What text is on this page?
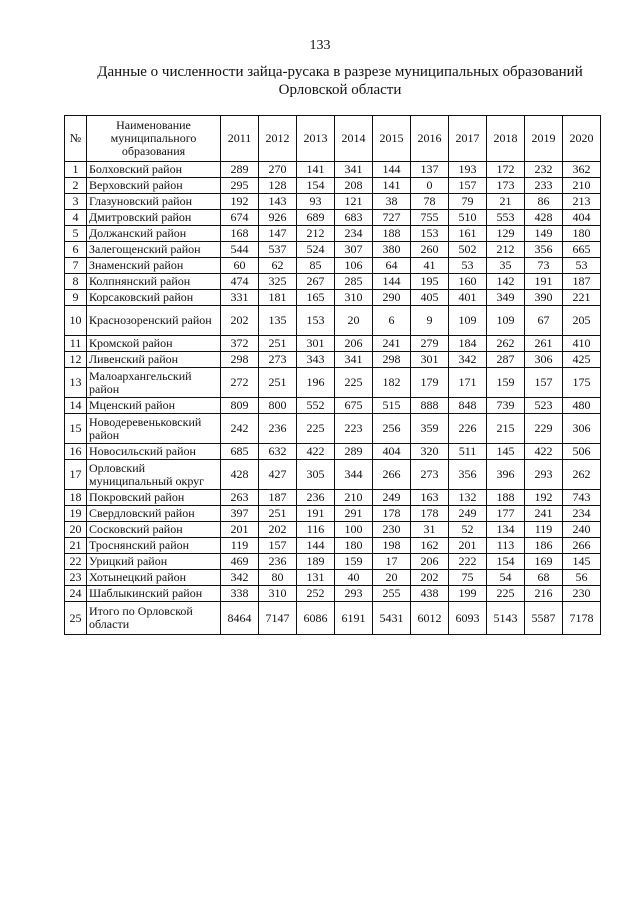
133
Данные о численности зайца-русака в разрезе муниципальных образований
Орловской области
№	Наименование муниципального образования	2011	2012	2013	2014	2015	2016	2017	2018	2019	2020
1	Болховский район	289	270	141	341	144	137	193	172	232	362
2	Верховский район	295	128	154	208	141	0	157	173	233	210
3	Глазуновский район	192	143	93	121	38	78	79	21	86	213
4	Дмитровский район	674	926	689	683	727	755	510	553	428	404
5	Должанский район	168	147	212	234	188	153	161	129	149	180
6	Залегощенский район	544	537	524	307	380	260	502	212	356	665
7	Знаменский район	60	62	85	106	64	41	53	35	73	53
8	Колпнянский район	474	325	267	285	144	195	160	142	191	187
9	Корсаковский район	331	181	165	310	290	405	401	349	390	221
10	Краснозоренский район	202	135	153	20	6	9	109	109	67	205
11	Кромской район	372	251	301	206	241	279	184	262	261	410
12	Ливенский район	298	273	343	341	298	301	342	287	306	425
13	Малоархангельский район	272	251	196	225	182	179	171	159	157	175
14	Мценский район	809	800	552	675	515	888	848	739	523	480
15	Новодеревеньковский район	242	236	225	223	256	359	226	215	229	306
16	Новосильский район	685	632	422	289	404	320	511	145	422	506
17	Орловский муниципальный округ	428	427	305	344	266	273	356	396	293	262
18	Покровский район	263	187	236	210	249	163	132	188	192	743
19	Свердловский район	397	251	191	291	178	178	249	177	241	234
20	Сосковский район	201	202	116	100	230	31	52	134	119	240
21	Троснянский район	119	157	144	180	198	162	201	113	186	266
22	Урицкий район	469	236	189	159	17	206	222	154	169	145
23	Хотынецкий район	342	80	131	40	20	202	75	54	68	56
24	Шаблыкинский район	338	310	252	293	255	438	199	225	216	230
25	Итого по Орловской области	8464	7147	6086	6191	5431	6012	6093	5143	5587	7178
